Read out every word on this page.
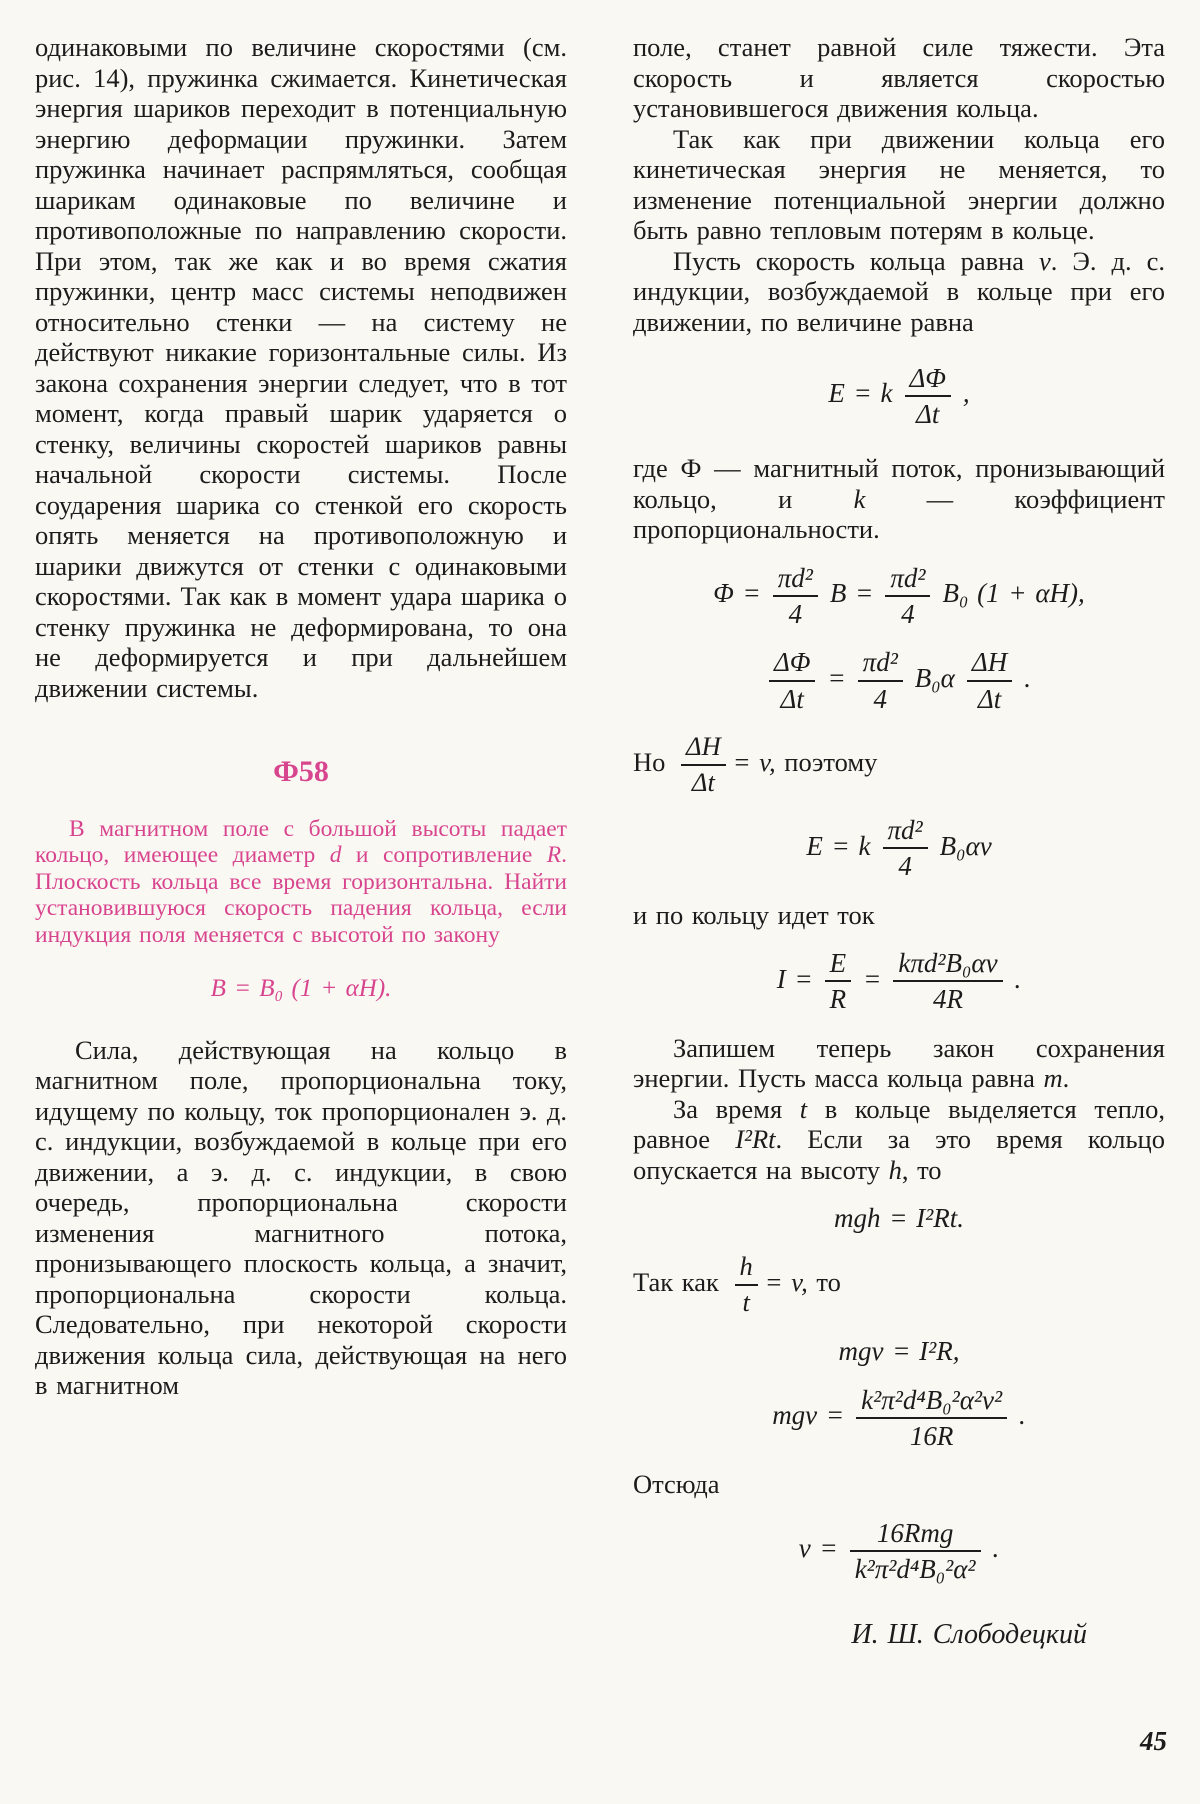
одинаковыми по величине скоростями (см. рис. 14), пружинка сжимается. Кинетическая энергия шариков переходит в потенциальную энергию деформации пружинки. Затем пружинка начинает распрямляться, сообщая шарикам одинаковые по величине и противоположные по направлению скорости. При этом, так же как и во время сжатия пружинки, центр масс системы неподвижен относительно стенки — на систему не действуют никакие горизонтальные силы. Из закона сохранения энергии следует, что в тот момент, когда правый шарик ударяется о стенку, величины скоростей шариков равны начальной скорости системы. После соударения шарика со стенкой его скорость опять меняется на противоположную и шарики движутся от стенки с одинаковыми скоростями. Так как в момент удара шарика о стенку пружинка не деформирована, то она не деформируется и при дальнейшем движении системы.

Ф58

В магнитном поле с большой высоты падает кольцо, имеющее диаметр d и сопротивление R. Плоскость кольца все время горизонтальна. Найти установившуюся скорость падения кольца, если индукция поля меняется с высотой по закону

B = B₀ (1 + αH).

Сила, действующая на кольцо в магнитном поле, пропорциональна току, идущему по кольцу, ток пропорционален э. д. с. индукции, возбуждаемой в кольце при его движении, а э. д. с. индукции, в свою очередь, пропорциональна скорости изменения магнитного потока, пронизывающего плоскость кольца, а значит, пропорциональна скорости кольца. Следовательно, при некоторой скорости движения кольца сила, действующая на него в магнитном

поле, станет равной силе тяжести. Эта скорость и является скоростью установившегося движения кольца.

Так как при движении кольца его кинетическая энергия не меняется, то изменение потенциальной энергии должно быть равно тепловым потерям в кольце.

Пусть скорость кольца равна v. Э. д. с. индукции, возбуждаемой в кольце при его движении, по величине равна

E = k $\frac{\Delta\Phi}{\Delta t}$ ,

где Ф — магнитный поток, пронизывающий кольцо, и k — коэффициент пропорциональности.

$\Phi = \frac{\text{πd²}}{4}$ $B = \frac{\text{πd²}}{4} B_0$ (1 + αH),
$\frac{\Delta\Phi}{\Delta t} = \frac{\text{πd²}}{4} B_0\alpha \frac{\Delta H}{\Delta t}$ .
Но $\frac{\Delta H}{\Delta t} = v$, поэтому
E = k $\frac{\text{πd²}}{4} B_0\alpha v$
и по кольцу идет ток
$I = \frac{E}{R} = \frac{\text{kπd²B₀αv}}{4R}$ .

Запишем теперь закон сохранения энергии. Пусть масса кольца равна m.

За время t в кольце выделяется тепло, равное I²Rt. Если за это время кольцо опускается на высоту h, то

mgh = I²Rt.
Так как $\frac{h}{t} = v$, то
mgv = I²R,
mgv = $\frac{\text{k²π²d⁴B₀²α²v²}}{16R}$ .
Отсюда
$v = \frac{\text{16Rmg}}{\text{k²π²d⁴B₀²α²}}$ .

И. Ш. Слободецкий

45
